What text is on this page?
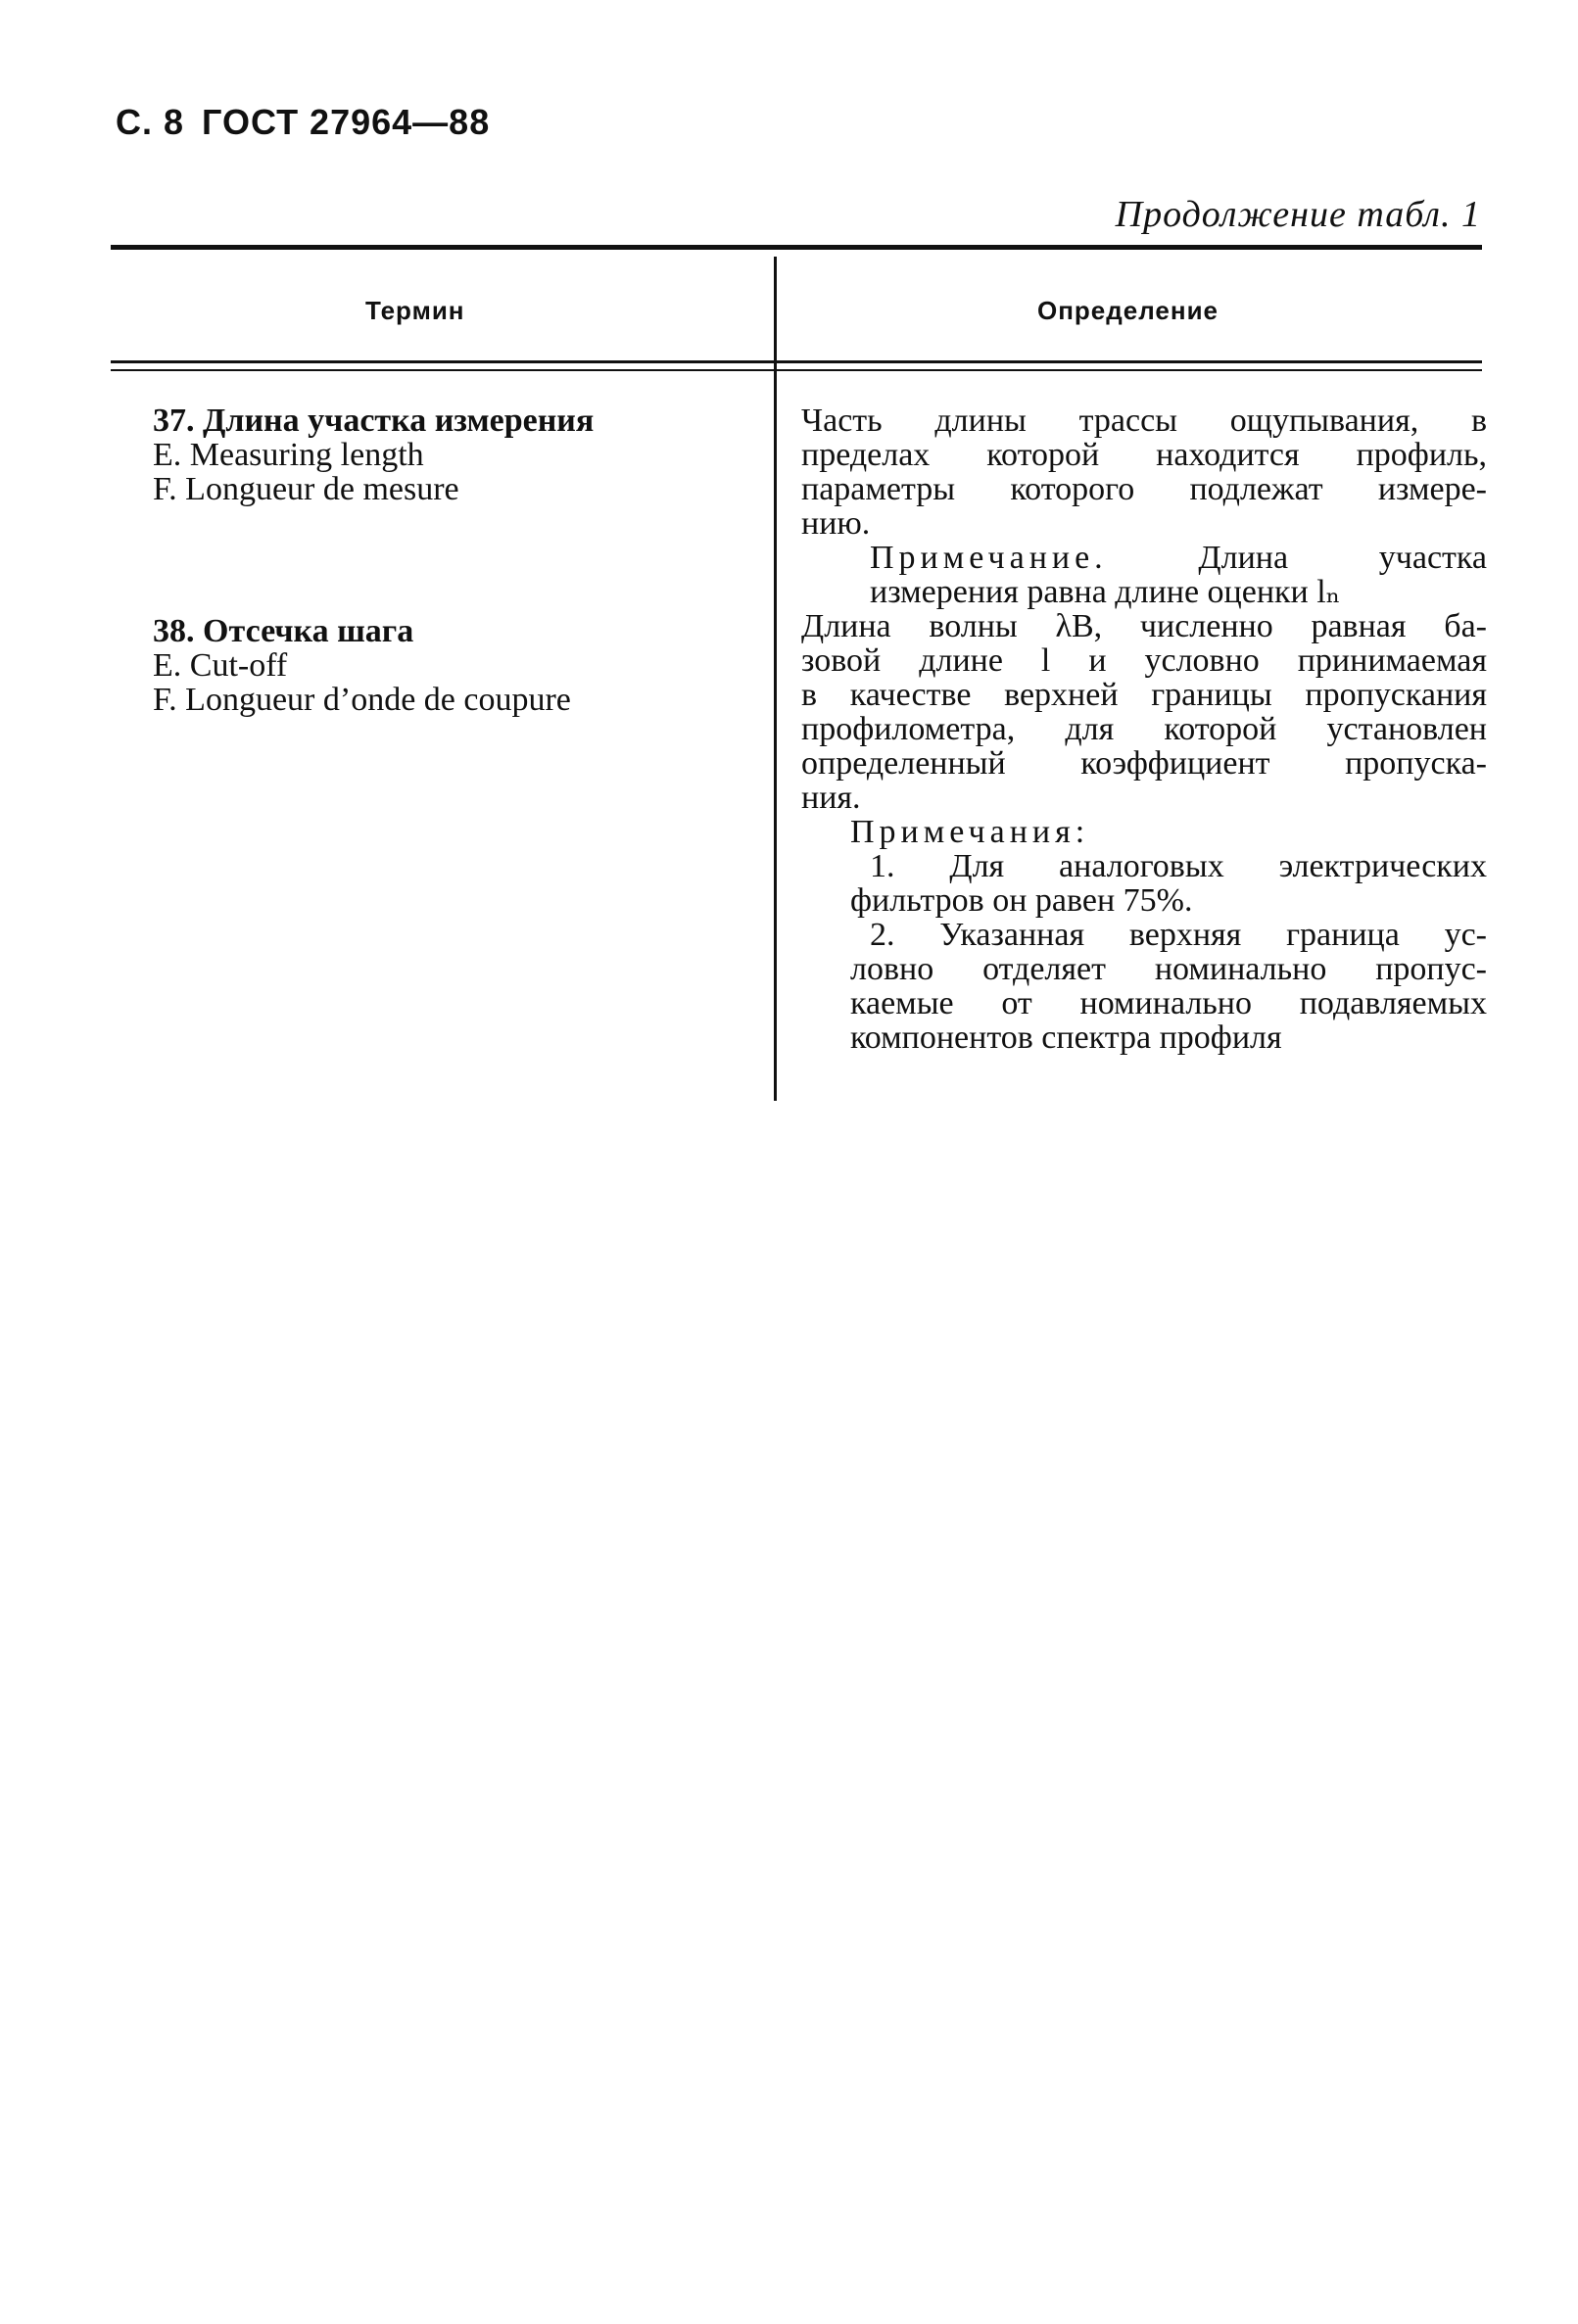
С. 8 ГОСТ 27964—88
Продолжение табл. 1
Термин	Определение
37. Длина участка измерения
E. Measuring length
F. Longueur de mesure
38. Отсечка шага
E. Cut-off
F. Longueur d’onde de coupure
Часть длины трассы ощупывания, в
пределах которой находится профиль,
параметры которого подлежат измере-
нию.
Примечание.	Длина участка
измерения равна длине оценки lₙ
Длина волны λB, численно равная ба-
зовой длине l и условно принимаемая
в качестве верхней границы пропускания
профилометра, для которой установлен
определенный коэффициент пропуска-
ния.
Примечания:
1. Для аналоговых электрических
фильтров он равен 75%.
2. Указанная верхняя граница ус-
ловно отделяет номинально пропус-
каемые от номинально подавляемых
компонентов спектра профиля
